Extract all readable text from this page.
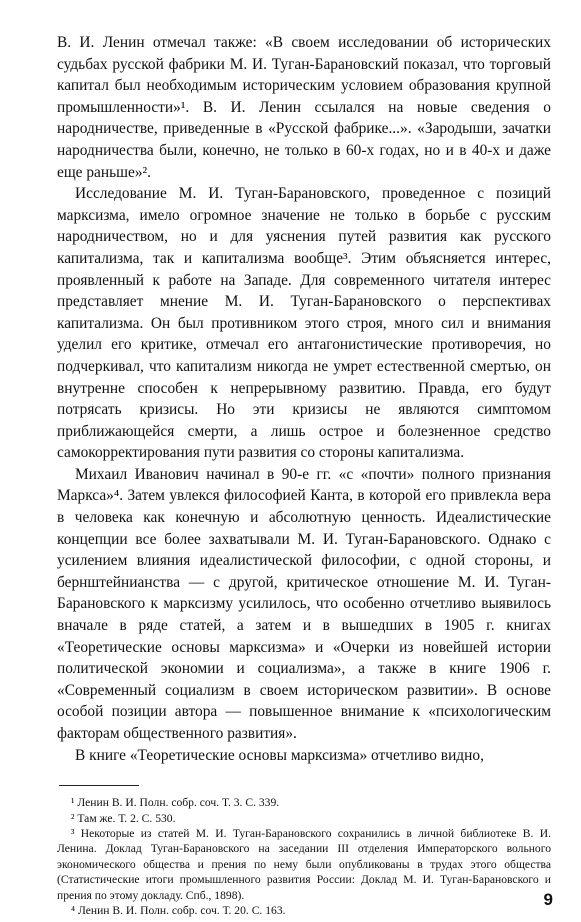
В. И. Ленин отмечал также: «В своем исследовании об исторических судьбах русской фабрики М. И. Туган-Барановский показал, что торговый капитал был необходимым историческим условием образования крупной промышленности»¹. В. И. Ленин ссылался на новые сведения о народничестве, приведенные в «Русской фабрике...». «Зародыши, зачатки народничества были, конечно, не только в 60-х годах, но и в 40-х и даже еще раньше»².

Исследование М. И. Туган-Барановского, проведенное с позиций марксизма, имело огромное значение не только в борьбе с русским народничеством, но и для уяснения путей развития как русского капитализма, так и капитализма вообще³. Этим объясняется интерес, проявленный к работе на Западе. Для современного читателя интерес представляет мнение М. И. Туган-Барановского о перспективах капитализма. Он был противником этого строя, много сил и внимания уделил его критике, отмечал его антагонистические противоречия, но подчеркивал, что капитализм никогда не умрет естественной смертью, он внутренне способен к непрерывному развитию. Правда, его будут потрясать кризисы. Но эти кризисы не являются симптомом приближающейся смерти, а лишь острое и болезненное средство самокорректирования пути развития со стороны капитализма.

Михаил Иванович начинал в 90-е гг. «с «почти» полного признания Маркса»⁴. Затем увлекся философией Канта, в которой его привлекла вера в человека как конечную и абсолютную ценность. Идеалистические концепции все более захватывали М. И. Туган-Барановского. Однако с усилением влияния идеалистической философии, с одной стороны, и бернштейнианства — с другой, критическое отношение М. И. Туган-Барановского к марксизму усилилось, что особенно отчетливо выявилось вначале в ряде статей, а затем и в вышедших в 1905 г. книгах «Теоретические основы марксизма» и «Очерки из новейшей истории политической экономии и социализма», а также в книге 1906 г. «Современный социализм в своем историческом развитии». В основе особой позиции автора — повышенное внимание к «психологическим факторам общественного развития».

В книге «Теоретические основы марксизма» отчетливо видно,

¹ Ленин В. И. Полн. собр. соч. Т. 3. С. 339.

² Там же. Т. 2. С. 530.

³ Некоторые из статей М. И. Туган-Барановского сохранились в личной библиотеке В. И. Ленина. Доклад Туган-Барановского на заседании III отделения Императорского вольного экономического общества и прения по нему были опубликованы в трудах этого общества (Статистические итоги промышленного развития России: Доклад М. И. Туган-Барановского и прения по этому докладу. Спб., 1898).

⁴ Ленин В. И. Полн. собр. соч. Т. 20. С. 163.

9
